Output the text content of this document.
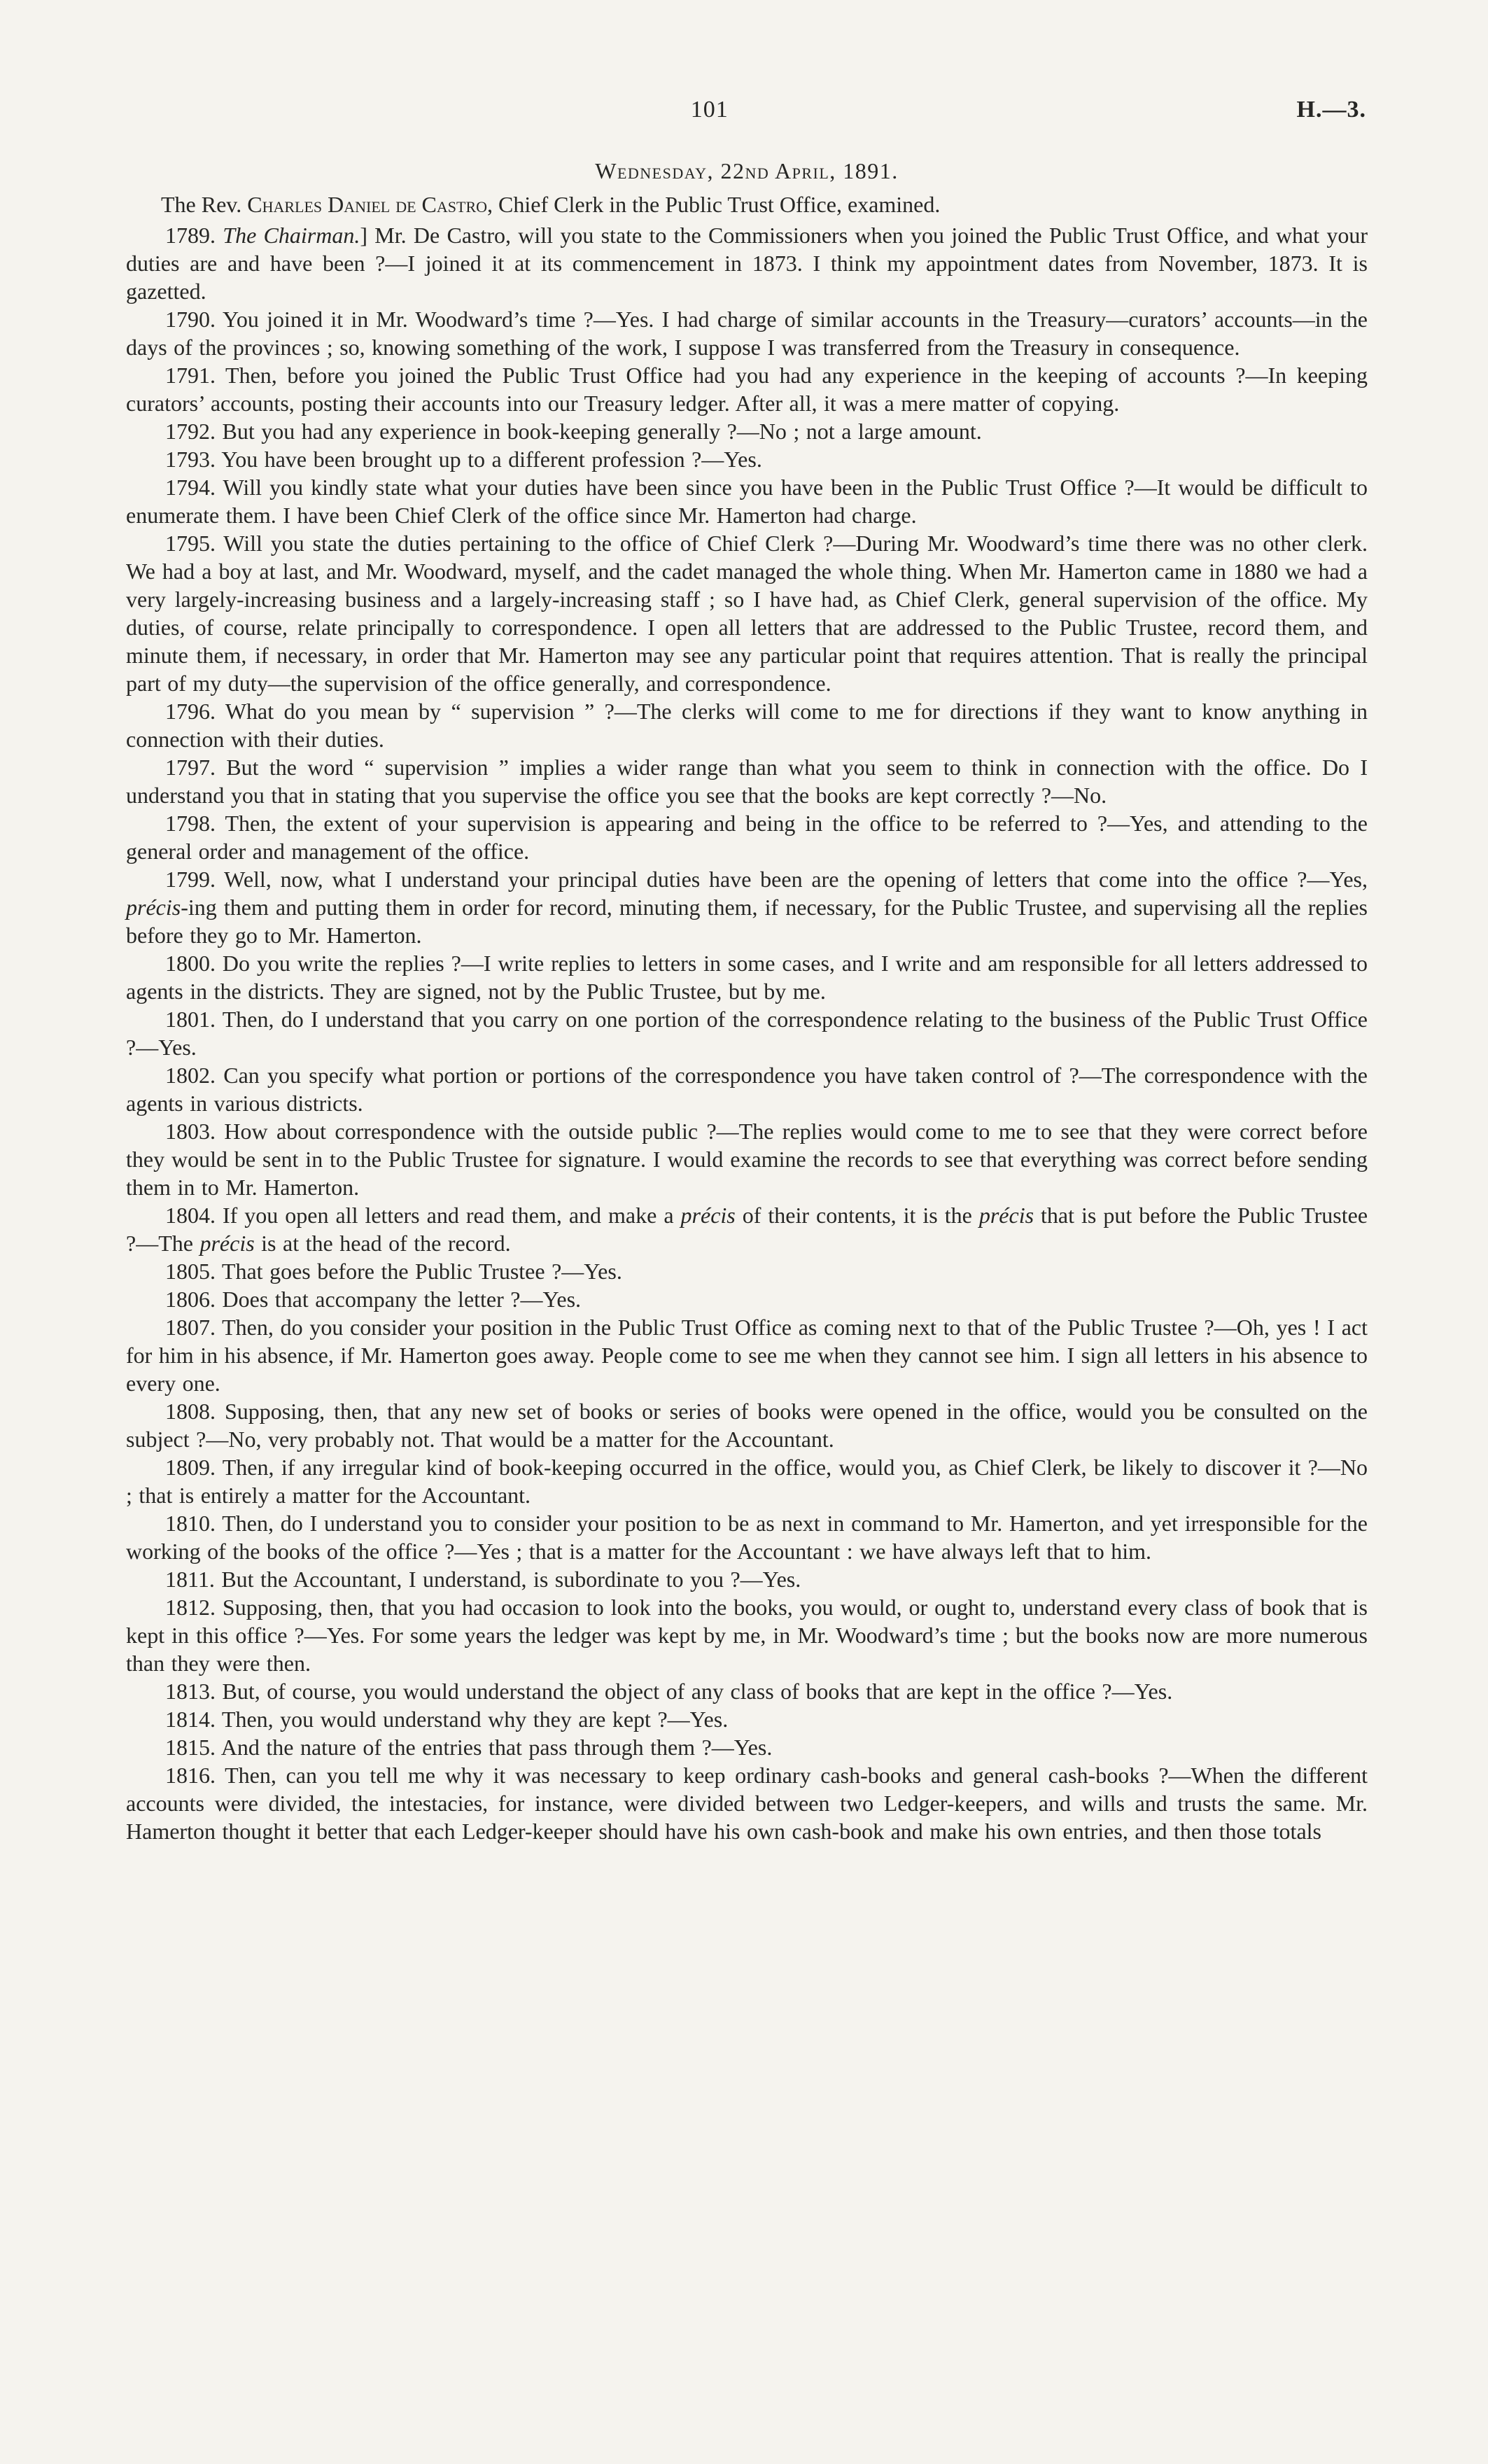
101	H.—3.
Wednesday, 22nd April, 1891.

The Rev. Charles Daniel de Castro, Chief Clerk in the Public Trust Office, examined.

1789. The Chairman.] Mr. De Castro, will you state to the Commissioners when you joined the Public Trust Office, and what your duties are and have been ?—I joined it at its commencement in 1873. I think my appointment dates from November, 1873. It is gazetted.

1790. You joined it in Mr. Woodward’s time ?—Yes. I had charge of similar accounts in the Treasury—curators’ accounts—in the days of the provinces ; so, knowing something of the work, I suppose I was transferred from the Treasury in consequence.

1791. Then, before you joined the Public Trust Office had you had any experience in the keeping of accounts ?—In keeping curators’ accounts, posting their accounts into our Treasury ledger. After all, it was a mere matter of copying.

1792. But you had any experience in book-keeping generally ?—No ; not a large amount.

1793. You have been brought up to a different profession ?—Yes.

1794. Will you kindly state what your duties have been since you have been in the Public Trust Office ?—It would be difficult to enumerate them. I have been Chief Clerk of the office since Mr. Hamerton had charge.

1795. Will you state the duties pertaining to the office of Chief Clerk ?—During Mr. Woodward’s time there was no other clerk. We had a boy at last, and Mr. Woodward, myself, and the cadet managed the whole thing. When Mr. Hamerton came in 1880 we had a very largely-increasing business and a largely-increasing staff ; so I have had, as Chief Clerk, general supervision of the office. My duties, of course, relate principally to correspondence. I open all letters that are addressed to the Public Trustee, record them, and minute them, if necessary, in order that Mr. Hamerton may see any particular point that requires attention. That is really the principal part of my duty—the supervision of the office generally, and correspondence.

1796. What do you mean by “ supervision ” ?—The clerks will come to me for directions if they want to know anything in connection with their duties.

1797. But the word “ supervision ” implies a wider range than what you seem to think in connection with the office. Do I understand you that in stating that you supervise the office you see that the books are kept correctly ?—No.

1798. Then, the extent of your supervision is appearing and being in the office to be referred to ?—Yes, and attending to the general order and management of the office.

1799. Well, now, what I understand your principal duties have been are the opening of letters that come into the office ?—Yes, précis-ing them and putting them in order for record, minuting them, if necessary, for the Public Trustee, and supervising all the replies before they go to Mr. Hamerton.

1800. Do you write the replies ?—I write replies to letters in some cases, and I write and am responsible for all letters addressed to agents in the districts. They are signed, not by the Public Trustee, but by me.

1801. Then, do I understand that you carry on one portion of the correspondence relating to the business of the Public Trust Office ?—Yes.

1802. Can you specify what portion or portions of the correspondence you have taken control of ?—The correspondence with the agents in various districts.

1803. How about correspondence with the outside public ?—The replies would come to me to see that they were correct before they would be sent in to the Public Trustee for signature. I would examine the records to see that everything was correct before sending them in to Mr. Hamerton.

1804. If you open all letters and read them, and make a précis of their contents, it is the précis that is put before the Public Trustee ?—The précis is at the head of the record.

1805. That goes before the Public Trustee ?—Yes.

1806. Does that accompany the letter ?—Yes.

1807. Then, do you consider your position in the Public Trust Office as coming next to that of the Public Trustee ?—Oh, yes ! I act for him in his absence, if Mr. Hamerton goes away. People come to see me when they cannot see him. I sign all letters in his absence to every one.

1808. Supposing, then, that any new set of books or series of books were opened in the office, would you be consulted on the subject ?—No, very probably not. That would be a matter for the Accountant.

1809. Then, if any irregular kind of book-keeping occurred in the office, would you, as Chief Clerk, be likely to discover it ?—No ; that is entirely a matter for the Accountant.

1810. Then, do I understand you to consider your position to be as next in command to Mr. Hamerton, and yet irresponsible for the working of the books of the office ?—Yes ; that is a matter for the Accountant : we have always left that to him.

1811. But the Accountant, I understand, is subordinate to you ?—Yes.

1812. Supposing, then, that you had occasion to look into the books, you would, or ought to, understand every class of book that is kept in this office ?—Yes. For some years the ledger was kept by me, in Mr. Woodward’s time ; but the books now are more numerous than they were then.

1813. But, of course, you would understand the object of any class of books that are kept in the office ?—Yes.

1814. Then, you would understand why they are kept ?—Yes.

1815. And the nature of the entries that pass through them ?—Yes.

1816. Then, can you tell me why it was necessary to keep ordinary cash-books and general cash-books ?—When the different accounts were divided, the intestacies, for instance, were divided between two Ledger-keepers, and wills and trusts the same. Mr. Hamerton thought it better that each Ledger-keeper should have his own cash-book and make his own entries, and then those totals
